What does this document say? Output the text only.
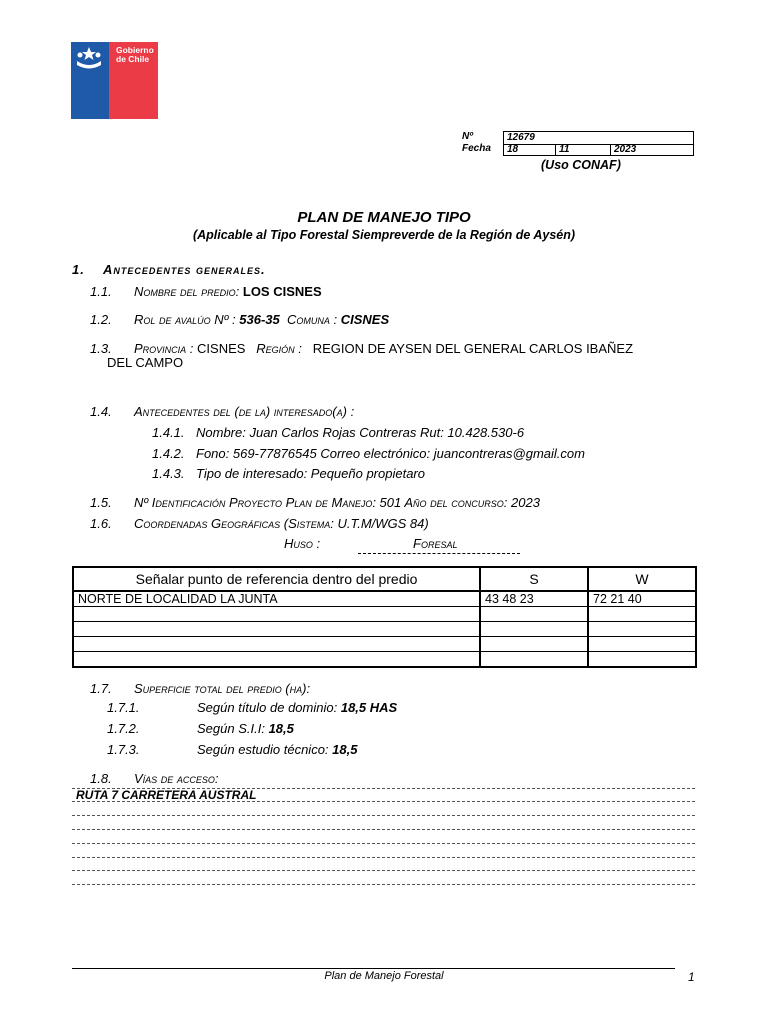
Gobierno
de Chile
Nº
Fecha
12679
18	11	2023
(Uso CONAF)
PLAN DE MANEJO TIPO
(Aplicable al Tipo Forestal Siempreverde de la Región de Aysén)
1. Antecedentes generales.
1.1. Nombre del predio: LOS CISNES
1.2. Rol de avalúo Nº : 536-35 Comuna : CISNES
1.3. Provincia : CISNES Región : REGION DE AYSEN DEL GENERAL CARLOS IBAÑEZ
DEL CAMPO
1.4. Antecedentes del (de la) interesado(a) :
1.4.1. Nombre: Juan Carlos Rojas Contreras Rut: 10.428.530-6
1.4.2. Fono: 569-77876545 Correo electrónico: juancontreras@gmail.com
1.4.3. Tipo de interesado: Pequeño propietaro
1.5. Nº Identificación Proyecto Plan de Manejo: 501 Año del concurso: 2023
1.6. Coordenadas Geográficas (Sistema: U.T.M/WGS 84)
Huso :	Foresal
Señalar punto de referencia dentro del predio	S	W
NORTE DE LOCALIDAD LA JUNTA	43 48 23	72 21 40

1.7. Superficie total del predio (ha):
1.7.1.	Según título de dominio: 18,5 HAS
1.7.2.	Según S.I.I: 18,5
1.7.3.	Según estudio técnico: 18,5
1.8. Vías de acceso:
RUTA 7 CARRETERA AUSTRAL
Plan de Manejo Forestal	1
